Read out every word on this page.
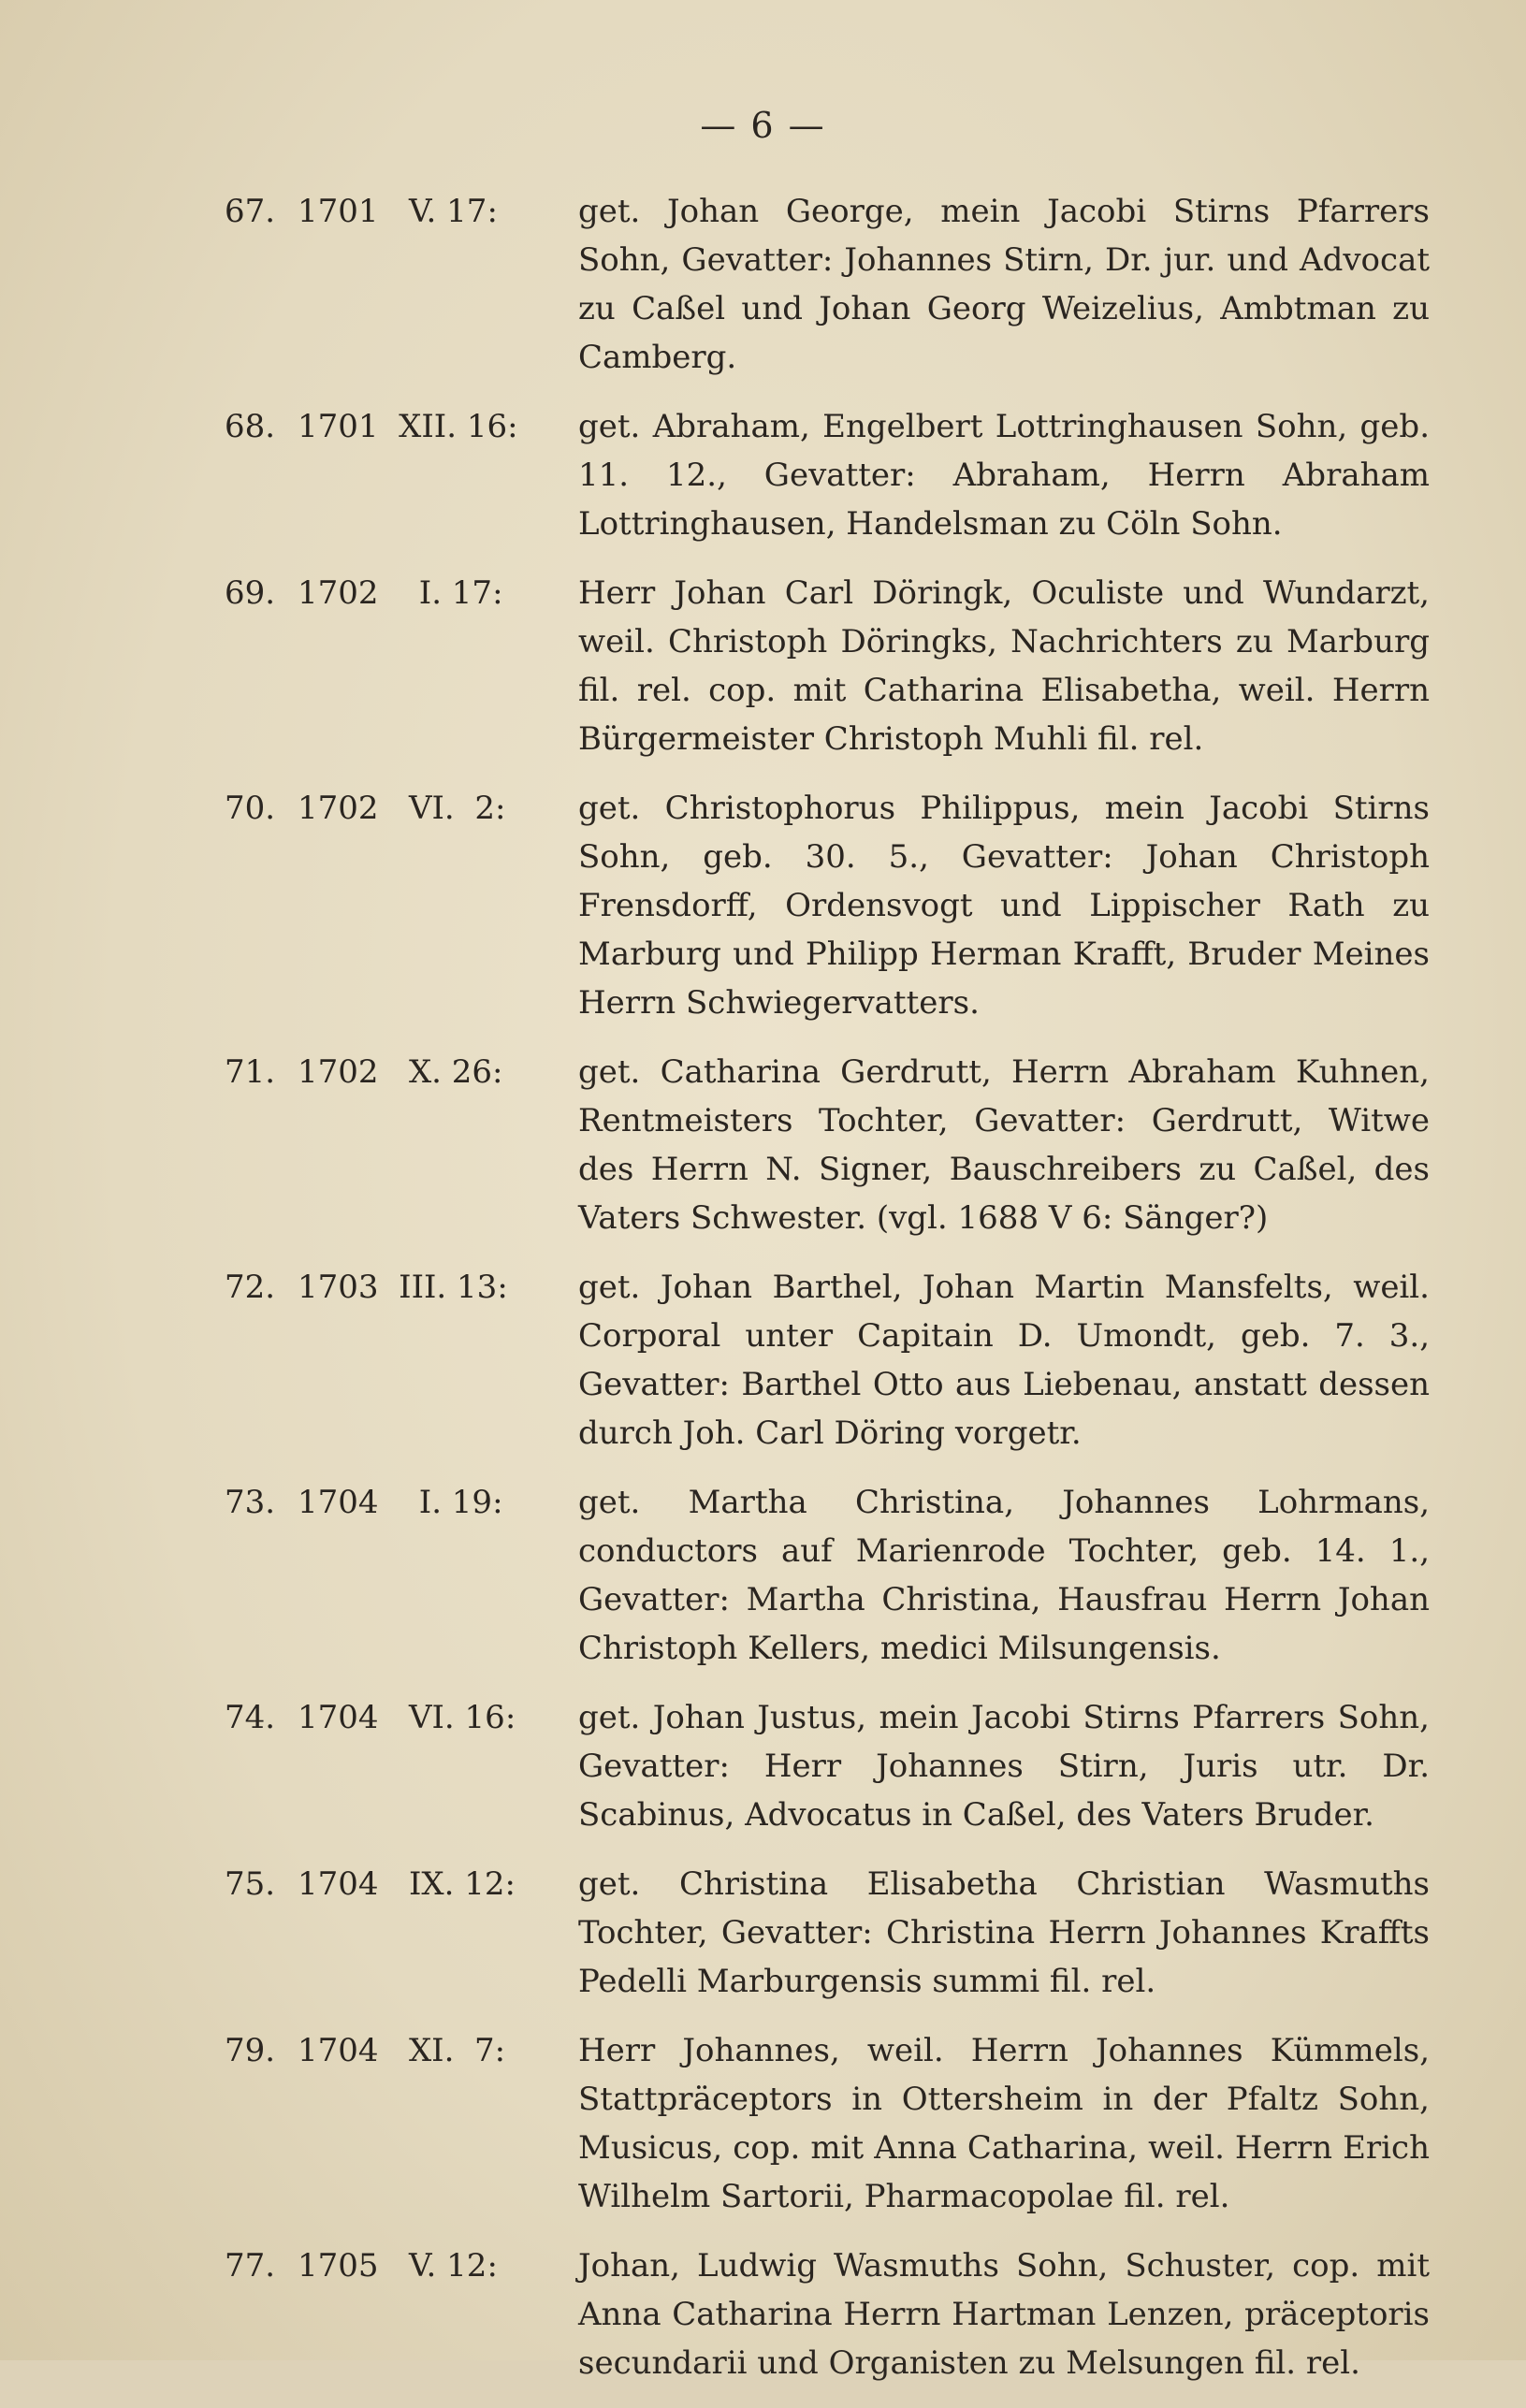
— 6 —
67. 1701   V. 17:	get. Johan George, mein Jacobi Stirns Pfarrers Sohn, Gevatter: Johannes Stirn, Dr. jur. und Advocat zu Caßel und Johan Georg Weizelius, Ambtman zu Camberg.
68. 1701  XII. 16:	get. Abraham, Engelbert Lottringhausen Sohn, geb. 11. 12., Gevatter: Abraham, Herrn Abraham Lottringhausen, Handelsman zu Cöln Sohn.
69. 1702    I. 17:	Herr Johan Carl Döringk, Oculiste und Wundarzt, weil. Christoph Döringks, Nachrichters zu Marburg fil. rel. cop. mit Catharina Elisabetha, weil. Herrn Bürgermeister Christoph Muhli fil. rel.
70. 1702   VI.  2:	get. Christophorus Philippus, mein Jacobi Stirns Sohn, geb. 30. 5., Gevatter: Johan Christoph Frensdorff, Ordensvogt und Lippischer Rath zu Marburg und Philipp Herman Krafft, Bruder Meines Herrn Schwiegervatters.
71. 1702   X. 26:	get. Catharina Gerdrutt, Herrn Abraham Kuhnen, Rentmeisters Tochter, Gevatter: Gerdrutt, Witwe des Herrn N. Signer, Bauschreibers zu Caßel, des Vaters Schwester. (vgl. 1688 V 6: Sänger?)
72. 1703  III. 13:	get. Johan Barthel, Johan Martin Mansfelts, weil. Corporal unter Capitain D. Umondt, geb. 7. 3., Gevatter: Barthel Otto aus Liebenau, anstatt dessen durch Joh. Carl Döring vorgetr.
73. 1704    I. 19:	get. Martha Christina, Johannes Lohrmans, conductors auf Marienrode Tochter, geb. 14. 1., Gevatter: Martha Christina, Hausfrau Herrn Johan Christoph Kellers, medici Milsungensis.
74. 1704   VI. 16:	get. Johan Justus, mein Jacobi Stirns Pfarrers Sohn, Gevatter: Herr Johannes Stirn, Juris utr. Dr. Scabinus, Advocatus in Caßel, des Vaters Bruder.
75. 1704   IX. 12:	get. Christina Elisabetha Christian Wasmuths Tochter, Gevatter: Christina Herrn Johannes Kraffts Pedelli Marburgensis summi fil. rel.
79. 1704   XI.  7:	Herr Johannes, weil. Herrn Johannes Kümmels, Stattpräceptors in Ottersheim in der Pfaltz Sohn, Musicus, cop. mit Anna Catharina, weil. Herrn Erich Wilhelm Sartorii, Pharmacopolae fil. rel.
77. 1705   V. 12:	Johan, Ludwig Wasmuths Sohn, Schuster, cop. mit Anna Catharina Herrn Hartman Lenzen, präceptoris secundarii und Organisten zu Melsungen fil. rel.
